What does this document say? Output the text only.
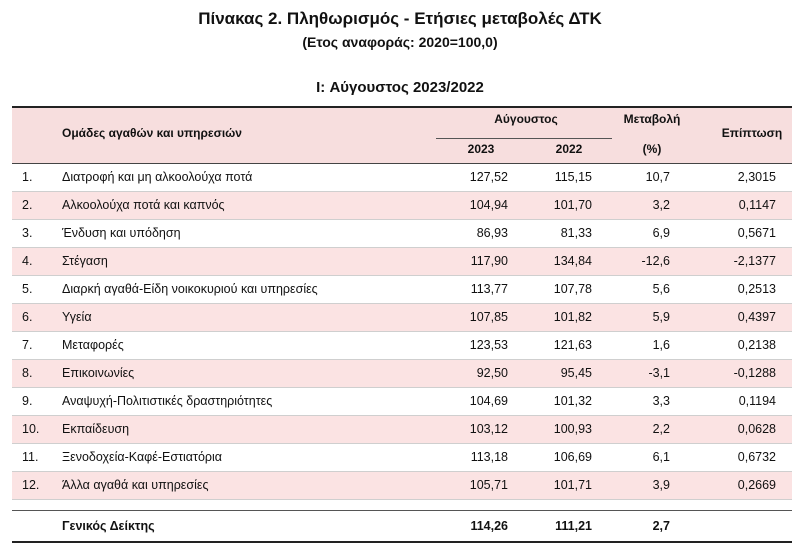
Πίνακας 2. Πληθωρισμός - Ετήσιες μεταβολές ΔΤΚ
(Ετος αναφοράς: 2020=100,0)
I: Αύγουστος 2023/2022
Ομάδες αγαθών και υπηρεσιών
Αύγουστος
2023	2022
Μεταβολή
(%)
Επίπτωση
1.	Διατροφή και μη αλκοολούχα ποτά	127,52	115,15	10,7	2,3015
2.	Αλκοολούχα ποτά και καπνός	104,94	101,70	3,2	0,1147
3.	Ένδυση και υπόδηση	86,93	81,33	6,9	0,5671
4.	Στέγαση	117,90	134,84	-12,6	-2,1377
5.	Διαρκή αγαθά-Είδη νοικοκυριού και υπηρεσίες	113,77	107,78	5,6	0,2513
6.	Υγεία	107,85	101,82	5,9	0,4397
7.	Μεταφορές	123,53	121,63	1,6	0,2138
8.	Επικοινωνίες	92,50	95,45	-3,1	-0,1288
9.	Αναψυχή-Πολιτιστικές δραστηριότητες	104,69	101,32	3,3	0,1194
10.	Εκπαίδευση	103,12	100,93	2,2	0,0628
11.	Ξενοδοχεία-Καφέ-Εστιατόρια	113,18	106,69	6,1	0,6732
12.	Άλλα αγαθά και υπηρεσίες	105,71	101,71	3,9	0,2669
Γενικός Δείκτης	114,26	111,21	2,7
